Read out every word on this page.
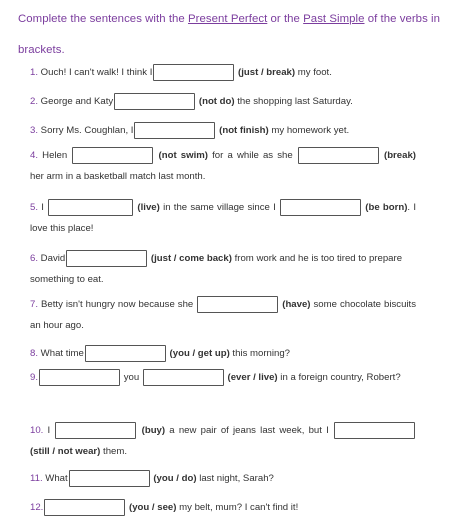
Complete the sentences with the Present Perfect or the Past Simple of the verbs in brackets.
1. Ouch! I can't walk! I think I	(just / break) my foot.
2. George and Katy	(not do) the shopping last Saturday.
3. Sorry Ms. Coughlan, I	(not finish) my homework yet.
4. Helen	(not swim) for a while as she	(break) her arm in a basketball match last month.
5. I	(live) in the same village since I	(be born). I love this place!
6. David	(just / come back) from work and he is too tired to prepare something to eat.
7. Betty isn't hungry now because she	(have) some chocolate biscuits an hour ago.
8. What time	(you / get up) this morning?
9.	you	(ever / live) in a foreign country, Robert?
10. I	(buy) a new pair of jeans last week, but I  (still / not wear) them.
11. What	(you / do) last night, Sarah?
12.	(you / see) my belt, mum? I can't find it!
